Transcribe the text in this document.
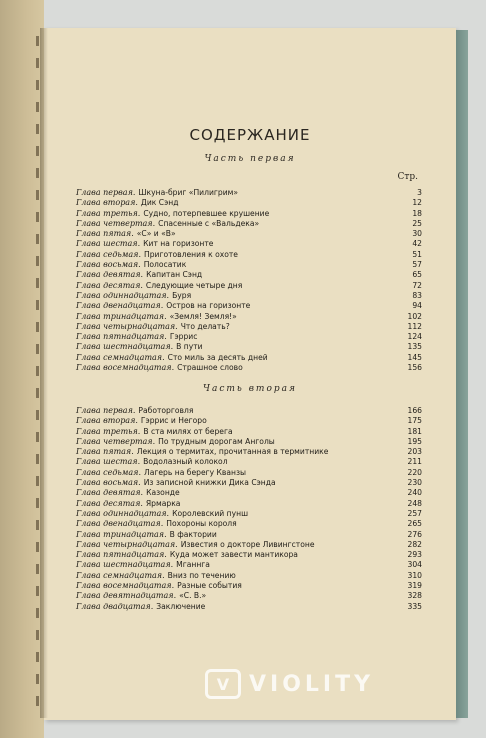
СОДЕРЖАНИЕ
Часть первая
Стр.
Глава первая. Шкуна-бриг «Пилигрим»	3
Глава вторая. Дик Сэнд	12
Глава третья. Судно, потерпевшее крушение	18
Глава четвертая. Спасенные с «Вальдека»	25
Глава пятая. «С» и «В»	30
Глава шестая. Кит на горизонте	42
Глава седьмая. Приготовления к охоте	51
Глава восьмая. Полосатик	57
Глава девятая. Капитан Сэнд	65
Глава десятая. Следующие четыре дня	72
Глава одиннадцатая. Буря	83
Глава двенадцатая. Остров на горизонте	94
Глава тринадцатая. «Земля! Земля!»	102
Глава четырнадцатая. Что делать?	112
Глава пятнадцатая. Гэррис	124
Глава шестнадцатая. В пути	135
Глава семнадцатая. Сто миль за десять дней	145
Глава восемнадцатая. Страшное слово	156
Часть вторая
Глава первая. Работорговля	166
Глава вторая. Гэррис и Негоро	175
Глава третья. В ста милях от берега	181
Глава четвертая. По трудным дорогам Анголы	195
Глава пятая. Лекция о термитах, прочитанная в термитнике	203
Глава шестая. Водолазный колокол	211
Глава седьмая. Лагерь на берегу Кванзы	220
Глава восьмая. Из записной книжки Дика Сэнда	230
Глава девятая. Казонде	240
Глава десятая. Ярмарка	248
Глава одиннадцатая. Королевский пунш	257
Глава двенадцатая. Похороны короля	265
Глава тринадцатая. В фактории	276
Глава четырнадцатая. Известия о докторе Ливингстоне	282
Глава пятнадцатая. Куда может завести мантикора	293
Глава шестнадцатая. Мганнга	304
Глава семнадцатая. Вниз по течению	310
Глава восемнадцатая. Разные события	319
Глава девятнадцатая. «С. В.»	328
Глава двадцатая. Заключение	335
V VIOLITY
